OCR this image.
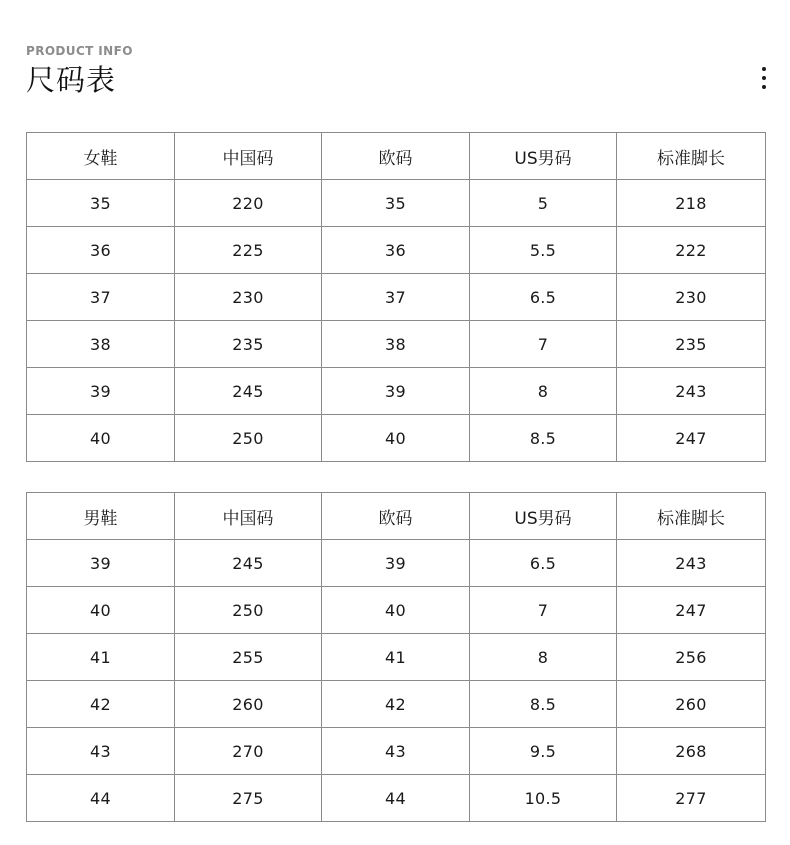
PRODUCT INFO
尺码表
女鞋	中国码	欧码	US男码	标准脚长
35	220	35	5	218
36	225	36	5.5	222
37	230	37	6.5	230
38	235	38	7	235
39	245	39	8	243
40	250	40	8.5	247
男鞋	中国码	欧码	US男码	标准脚长
39	245	39	6.5	243
40	250	40	7	247
41	255	41	8	256
42	260	42	8.5	260
43	270	43	9.5	268
44	275	44	10.5	277
